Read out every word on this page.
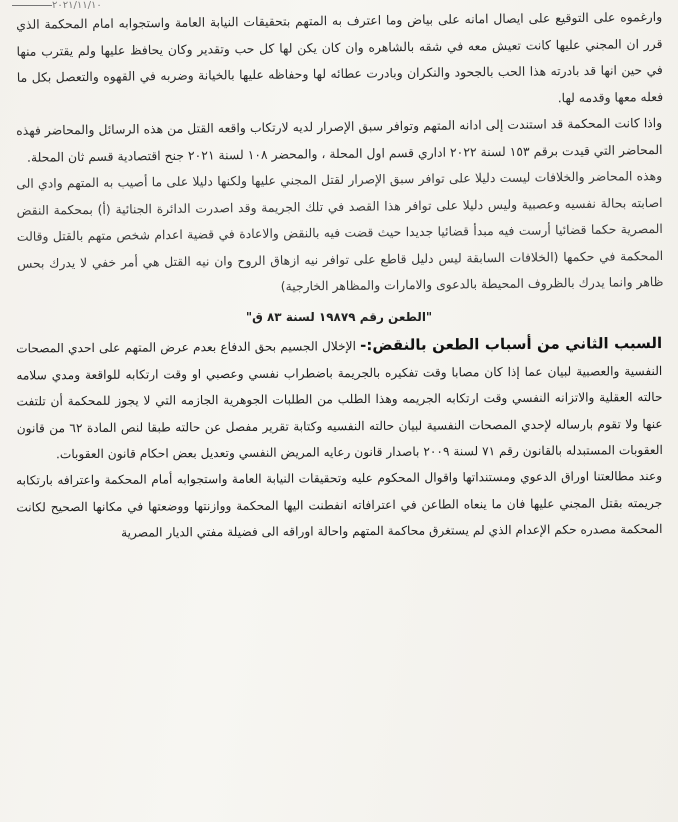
٢٠٢١/١١/١٠

وارغموه على التوقيع على ايصال امانه على بياض وما اعترف به المتهم بتحقيقات النيابة العامة واستجوابه امام المحكمة الذي قرر ان المجني عليها كانت تعيش معه في شقه بالشاهره وان كان يكن لها كل حب وتقدير وكان يحافظ عليها ولم يقترب منها في حين انها قد بادرته هذا الحب بالجحود والنكران وبادرت عطائه لها وحفاظه عليها بالخيانة وضربه في القهوه والتعصل بكل ما فعله معها وقدمه لها.

واذا كانت المحكمة قد استندت إلى ادانه المتهم وتوافر سبق الإصرار لديه لارتكاب واقعه القتل من هذه الرسائل والمحاضر فهذه المحاضر التي قيدت برقم ١٥٣ لسنة ٢٠٢٢ اداري قسم اول المحلة ، والمحضر ١٠٨ لسنة ٢٠٢١ جنح اقتصادية قسم ثان المحلة.

وهذه المحاضر والخلافات ليست دليلا على توافر سبق الإصرار لقتل المجني عليها ولكنها دليلا على ما أصيب به المتهم وادي الى اصابته بحالة نفسيه وعصبية وليس دليلا على توافر هذا القصد في تلك الجريمة وقد اصدرت الدائرة الجنائية (أ) بمحكمة النقض المصرية حكما قضائيا أرست فيه مبدأ قضائيا جديدا حيث قضت فيه بالنقض والاعادة في قضية اعدام شخص متهم بالقتل وقالت المحكمة في حكمها (الخلافات السابقة ليس دليل قاطع على توافر نيه ازهاق الروح وان نيه القتل هي أمر خفي لا يدرك بحس ظاهر وانما يدرك بالظروف المحيطة بالدعوى والامارات والمظاهر الخارجية)

"الطعن رقم ١٩٨٧٩ لسنة ٨٣ ق"

السبب الثاني من أسباب الطعن بالنقض:- الإخلال الجسيم بحق الدفاع بعدم عرض المتهم على احدي المصحات النفسية والعصبية لبيان عما إذا كان مصابا وقت تفكيره بالجريمة باضطراب نفسي وعصبي او وقت ارتكابه للواقعة ومدي سلامه حالته العقلية والاتزانه النفسي وقت ارتكابه الجريمه وهذا الطلب من الطلبات الجوهرية الجازمه التي لا يجوز للمحكمة أن تلتفت عنها ولا تقوم بارساله لإحدي المصحات النفسية لبيان حالته النفسيه وكتابة تقرير مفصل عن حالته طبقا لنص المادة ٦٢ من قانون العقوبات المستبدله بالقانون رقم ٧١ لسنة ٢٠٠٩ باصدار قانون رعايه المريض النفسي وتعديل بعض احكام قانون العقوبات.

وعند مطالعتنا اوراق الدعوي ومستنداتها واقوال المحكوم عليه وتحقيقات النيابة العامة واستجوابه أمام المحكمة واعترافه بارتكابه جريمته بقتل المجني عليها فان ما ينعاه الطاعن في اعترافاته انفطنت اليها المحكمة ووازنتها ووضعتها في مكانها الصحيح لكانت المحكمة مصدره حكم الإعدام الذي لم يستغرق محاكمة المتهم واحالة اوراقه الى فضيلة مفتي الديار المصرية
